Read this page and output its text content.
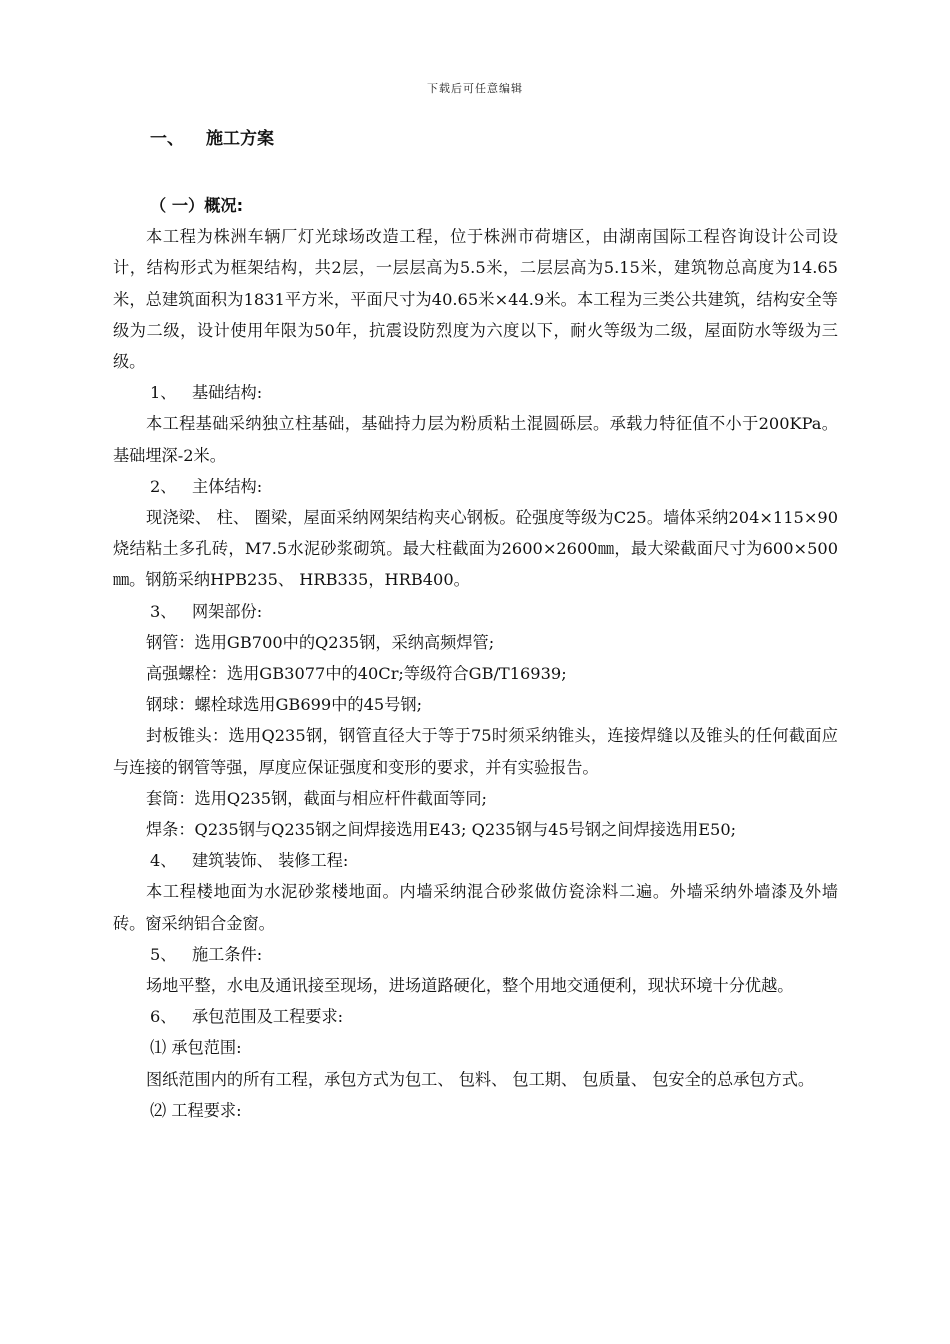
下载后可任意编辑
一、 施工方案

（ 一）概况:

本工程为株洲车辆厂灯光球场改造工程，位于株洲市荷塘区，由湖南国际工程咨询设计公司设计，结构形式为框架结构，共2层，一层层高为5.5米，二层层高为5.15米，建筑物总高度为14.65米，总建筑面积为1831平方米，平面尺寸为40.65米×44.9米。本工程为三类公共建筑，结构安全等级为二级，设计使用年限为50年，抗震设防烈度为六度以下，耐火等级为二级，屋面防水等级为三级。

1、 基础结构:

本工程基础采纳独立柱基础，基础持力层为粉质粘土混圆砾层。承载力特征值不小于200KPa。基础埋深-2米。

2、 主体结构:

现浇梁、 柱、 圈梁，屋面采纳网架结构夹心钢板。砼强度等级为C25。墙体采纳204×115×90烧结粘土多孔砖，M7.5水泥砂浆砌筑。最大柱截面为2600×2600㎜，最大梁截面尺寸为600×500㎜。钢筋采纳HPB235、 HRB335，HRB400。

3、 网架部份:

钢管：选用GB700中的Q235钢，采纳高频焊管;

高强螺栓：选用GB3077中的40Cr;等级符合GB/T16939;

钢球：螺栓球选用GB699中的45号钢;

封板锥头：选用Q235钢，钢管直径大于等于75时须采纳锥头，连接焊缝以及锥头的任何截面应与连接的钢管等强，厚度应保证强度和变形的要求，并有实验报告。

套筒：选用Q235钢，截面与相应杆件截面等同;

焊条：Q235钢与Q235钢之间焊接选用E43; Q235钢与45号钢之间焊接选用E50;

4、 建筑装饰、 装修工程:

本工程楼地面为水泥砂浆楼地面。内墙采纳混合砂浆做仿瓷涂料二遍。外墙采纳外墙漆及外墙砖。窗采纳铝合金窗。

5、 施工条件:

场地平整，水电及通讯接至现场，进场道路硬化，整个用地交通便利，现状环境十分优越。

6、 承包范围及工程要求:

⑴ 承包范围:

图纸范围内的所有工程，承包方式为包工、 包料、 包工期、 包质量、 包安全的总承包方式。

⑵ 工程要求:
